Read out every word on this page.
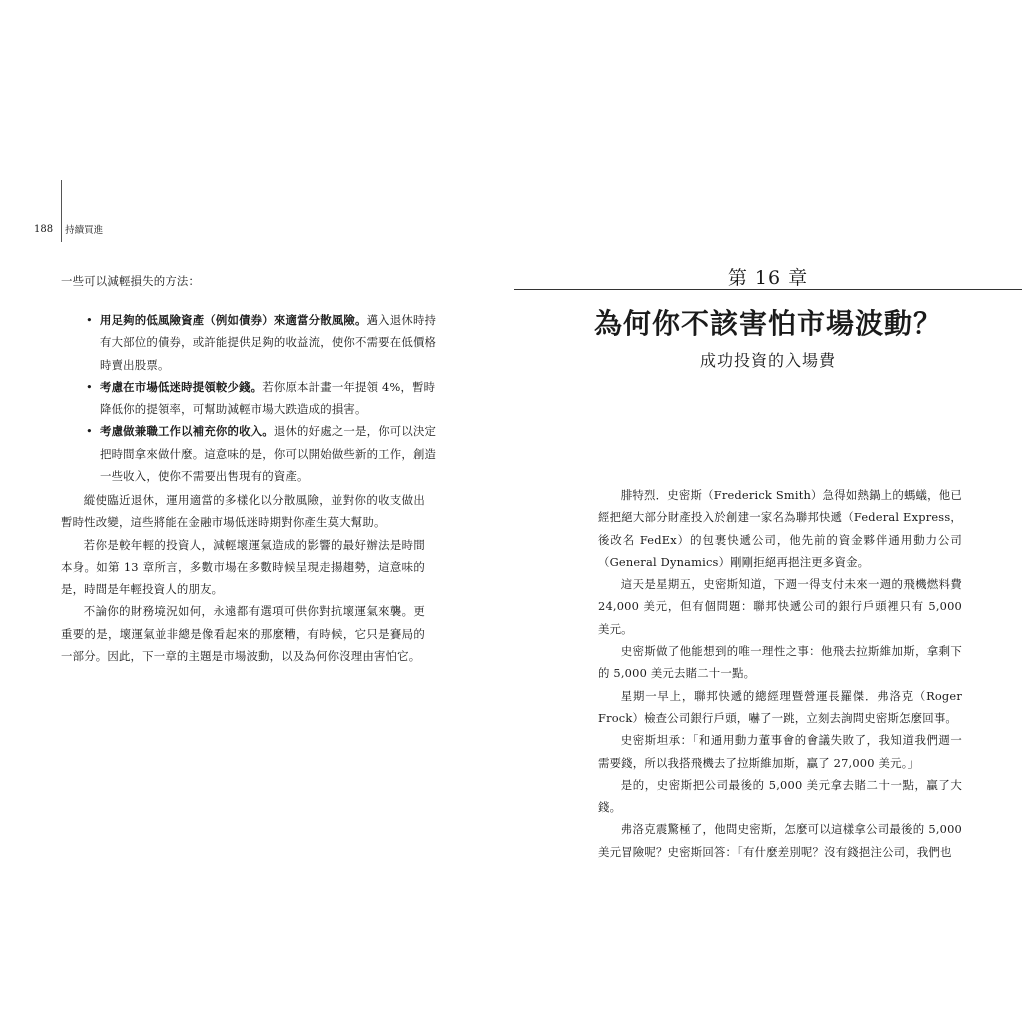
188 持續買進
一些可以減輕損失的方法：
• 用足夠的低風險資產（例如債券）來適當分散風險。邁入退休時持有大部位的債券，或許能提供足夠的收益流，使你不需要在低價格時賣出股票。
• 考慮在市場低迷時提領較少錢。若你原本計畫一年提領 4%，暫時降低你的提領率，可幫助減輕市場大跌造成的損害。
• 考慮做兼職工作以補充你的收入。退休的好處之一是，你可以決定把時間拿來做什麼。這意味的是，你可以開始做些新的工作，創造一些收入，使你不需要出售現有的資產。

縱使臨近退休，運用適當的多樣化以分散風險，並對你的收支做出暫時性改變，這些將能在金融市場低迷時期對你產生莫大幫助。

若你是較年輕的投資人，減輕壞運氣造成的影響的最好辦法是時間本身。如第 13 章所言，多數市場在多數時候呈現走揚趨勢，這意味的是，時間是年輕投資人的朋友。

不論你的財務境況如何，永遠都有選項可供你對抗壞運氣來襲。更重要的是，壞運氣並非總是像看起來的那麼糟，有時候，它只是賽局的一部分。因此，下一章的主題是市場波動，以及為何你沒理由害怕它。

第 16 章
為何你不該害怕市場波動？
成功投資的入場費

腓特烈．史密斯（Frederick Smith）急得如熱鍋上的螞蟻，他已經把絕大部分財產投入於創建一家名為聯邦快遞（Federal Express，後改名 FedEx）的包裹快遞公司，他先前的資金夥伴通用動力公司（General Dynamics）剛剛拒絕再挹注更多資金。

這天是星期五，史密斯知道，下週一得支付未來一週的飛機燃料費 24,000 美元，但有個問題：聯邦快遞公司的銀行戶頭裡只有 5,000 美元。

史密斯做了他能想到的唯一理性之事：他飛去拉斯維加斯，拿剩下的 5,000 美元去賭二十一點。

星期一早上，聯邦快遞的總經理暨營運長羅傑．弗洛克（Roger Frock）檢查公司銀行戶頭，嚇了一跳，立刻去詢問史密斯怎麼回事。

史密斯坦承：「和通用動力董事會的會議失敗了，我知道我們週一需要錢，所以我搭飛機去了拉斯維加斯，贏了 27,000 美元。」

是的，史密斯把公司最後的 5,000 美元拿去賭二十一點，贏了大錢。

弗洛克震驚極了，他問史密斯，怎麼可以這樣拿公司最後的 5,000 美元冒險呢？史密斯回答：「有什麼差別呢？沒有錢挹注公司，我們也
